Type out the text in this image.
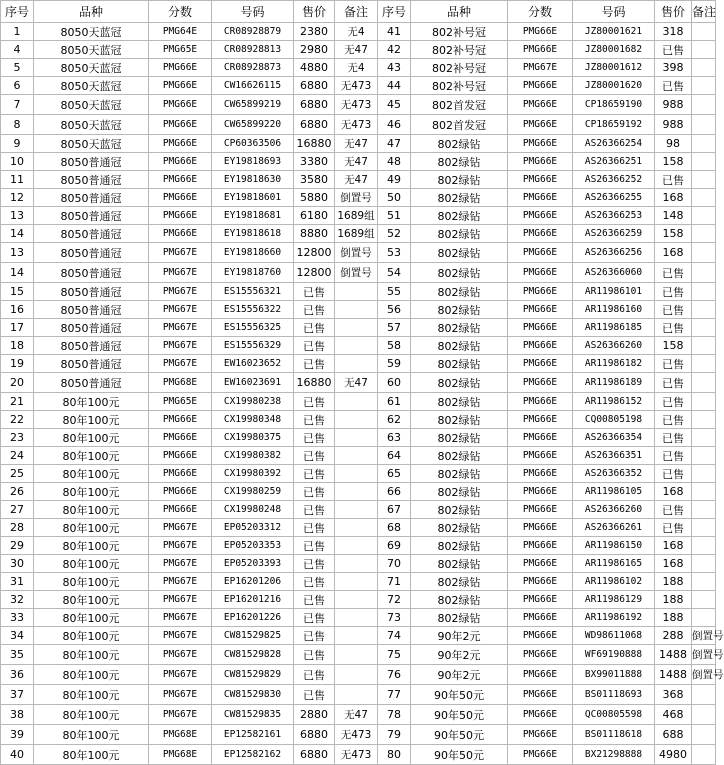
序号	品种	分数	号码	售价	备注	序号	品种	分数	号码	售价	备注
1	8050天蓝冠	PMG64E	CR08928879	2380	无4	41	802补号冠	PMG66E	JZ80001621	318	
4	8050天蓝冠	PMG65E	CR08928813	2980	无47	42	802补号冠	PMG66E	JZ80001682	已售	
5	8050天蓝冠	PMG66E	CR08928873	4880	无4	43	802补号冠	PMG67E	JZ80001612	398	
6	8050天蓝冠	PMG66E	CW16626115	6880	无473	44	802补号冠	PMG66E	JZ80001620	已售	
7	8050天蓝冠	PMG66E	CW65899219	6880	无473	45	802首发冠	PMG66E	CP18659190	988	
8	8050天蓝冠	PMG66E	CW65899220	6880	无473	46	802首发冠	PMG66E	CP18659192	988	
9	8050天蓝冠	PMG66E	CP60363506	16880	无47	47	802绿钻	PMG66E	AS26366254	98	
10	8050普通冠	PMG66E	EY19818693	3380	无47	48	802绿钻	PMG66E	AS26366251	158	
11	8050普通冠	PMG66E	EY19818630	3580	无47	49	802绿钻	PMG66E	AS26366252	已售	
12	8050普通冠	PMG66E	EY19818601	5880	倒置号	50	802绿钻	PMG66E	AS26366255	168	
13	8050普通冠	PMG66E	EY19818681	6180	1689组	51	802绿钻	PMG66E	AS26366253	148	
14	8050普通冠	PMG66E	EY19818618	8880	1689组	52	802绿钻	PMG66E	AS26366259	158	
13	8050普通冠	PMG67E	EY19818660	12800	倒置号	53	802绿钻	PMG66E	AS26366256	168	
14	8050普通冠	PMG67E	EY19818760	12800	倒置号	54	802绿钻	PMG66E	AS26366060	已售	
15	8050普通冠	PMG67E	ES15556321	已售		55	802绿钻	PMG66E	AR11986101	已售	
16	8050普通冠	PMG67E	ES15556322	已售		56	802绿钻	PMG66E	AR11986160	已售	
17	8050普通冠	PMG67E	ES15556325	已售		57	802绿钻	PMG66E	AR11986185	已售	
18	8050普通冠	PMG67E	ES15556329	已售		58	802绿钻	PMG66E	AS26366260	158	
19	8050普通冠	PMG67E	EW16023652	已售		59	802绿钻	PMG66E	AR11986182	已售	
20	8050普通冠	PMG68E	EW16023691	16880	无47	60	802绿钻	PMG66E	AR11986189	已售	
21	80年100元	PMG65E	CX19980238	已售		61	802绿钻	PMG66E	AR11986152	已售	
22	80年100元	PMG66E	CX19980348	已售		62	802绿钻	PMG66E	CQ00805198	已售	
23	80年100元	PMG66E	CX19980375	已售		63	802绿钻	PMG66E	AS26366354	已售	
24	80年100元	PMG66E	CX19980382	已售		64	802绿钻	PMG66E	AS26366351	已售	
25	80年100元	PMG66E	CX19980392	已售		65	802绿钻	PMG66E	AS26366352	已售	
26	80年100元	PMG66E	CX19980259	已售		66	802绿钻	PMG66E	AR11986105	168	
27	80年100元	PMG66E	CX19980248	已售		67	802绿钻	PMG66E	AS26366260	已售	
28	80年100元	PMG67E	EP05203312	已售		68	802绿钻	PMG66E	AS26366261	已售	
29	80年100元	PMG67E	EP05203353	已售		69	802绿钻	PMG66E	AR11986150	168	
30	80年100元	PMG67E	EP05203393	已售		70	802绿钻	PMG66E	AR11986165	168	
31	80年100元	PMG67E	EP16201206	已售		71	802绿钻	PMG66E	AR11986102	188	
32	80年100元	PMG67E	EP16201216	已售		72	802绿钻	PMG66E	AR11986129	188	
33	80年100元	PMG67E	EP16201226	已售		73	802绿钻	PMG66E	AR11986192	188	
34	80年100元	PMG67E	CW81529825	已售		74	90年2元	PMG66E	WD98611068	288	倒置号
35	80年100元	PMG67E	CW81529828	已售		75	90年2元	PMG66E	WF69190888	1488	倒置号
36	80年100元	PMG67E	CW81529829	已售		76	90年2元	PMG66E	BX99011888	1488	倒置号
37	80年100元	PMG67E	CW81529830	已售		77	90年50元	PMG66E	BS01118693	368	
38	80年100元	PMG67E	CW81529835	2880	无47	78	90年50元	PMG66E	QC00805598	468	
39	80年100元	PMG68E	EP12582161	6880	无473	79	90年50元	PMG66E	BS01118618	688	
40	80年100元	PMG68E	EP12582162	6880	无473	80	90年50元	PMG66E	BX21298888	4980	
